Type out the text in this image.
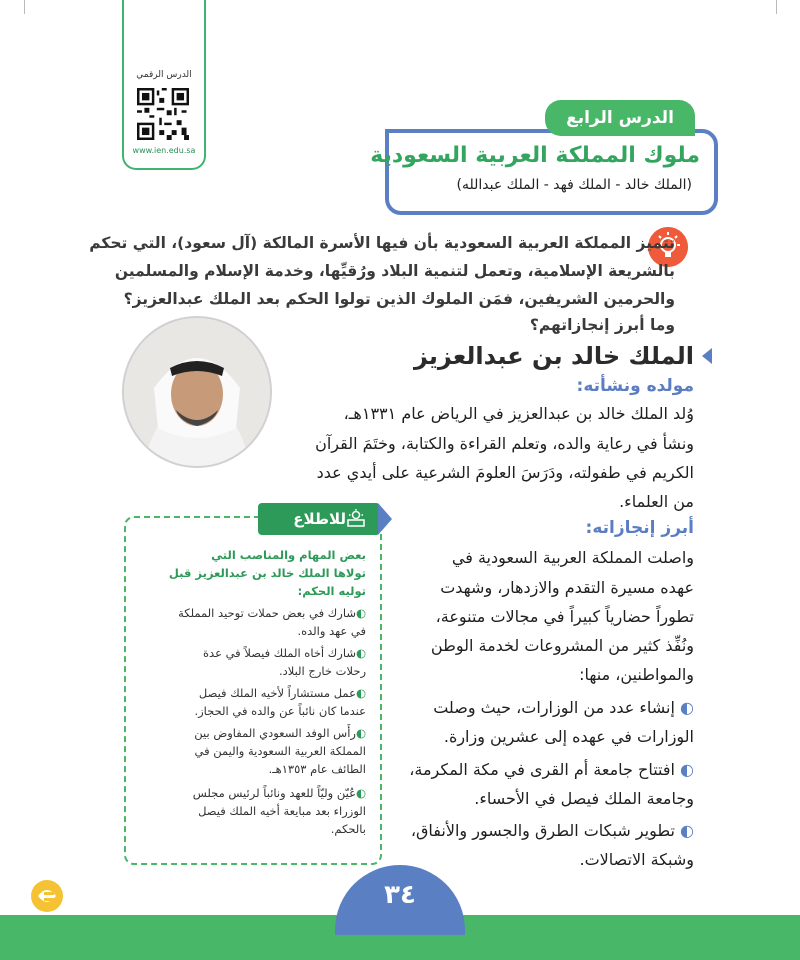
الدرس الرقمي
www.ien.edu.sa	ملوك المملكة العربية السعودية
(الملك خالد - الملك فهد - الملك عبدالله)
الدرس الرابع
تتميز المملكة العربية السعودية بأن فيها الأسرة المالكة (آل سعود)، التي تحكم
بالشريعة الإسلامية، وتعمل لتنمية البلاد ورُقيِّها، وخدمة الإسلام والمسلمين
والحرمين الشريفين، فمَن الملوك الذين تولوا الحكم بعد الملك عبدالعزيز؟
وما أبرز إنجازاتهم؟
الملك خالد بن عبدالعزيز
مولده ونشأته:
وُلد الملك خالد بن عبدالعزيز في الرياض عام ١٣٣١هـ،
ونشأ في رعاية والده، وتعلم القراءة والكتابة، وختَمَ القرآن
الكريم في طفولته، ودَرَسَ العلومَ الشرعية على أيدي عدد
من العلماء.
أبرز إنجازاته:
واصلت المملكة العربية السعودية في
عهده مسيرة التقدم والازدهار، وشهدت
تطوراً حضارياً كبيراً في مجالات متنوعة،
ونُفِّذ كثير من المشروعات لخدمة الوطن
والمواطنين، منها:
◐ إنشاء عدد من الوزارات، حيث وصلت
الوزارات في عهده إلى عشرين وزارة.
◐ افتتاح جامعة أم القرى في مكة المكرمة،
وجامعة الملك فيصل في الأحساء.
◐ تطوير شبكات الطرق والجسور والأنفاق،
وشبكة الاتصالات.
للاطلاع
بعض المهام والمناصب التي
تولاها الملك خالد بن عبدالعزيز قبل
توليه الحكم:
◐شارك في بعض حملات توحيد المملكة
في عهد والده.
◐شارك أخاه الملك فيصلاً في عدة
رحلات خارج البلاد.
◐عمل مستشاراً لأخيه الملك فيصل
عندما كان نائباً عن والده في الحجاز.
◐رأَس الوفد السعودي المفاوض بين
المملكة العربية السعودية واليمن في
الطائف عام ١٣٥٣هـ.
◐عُيّن وليّاً للعهد ونائباً لرئيس مجلس
الوزراء بعد مبايعة أخيه الملك فيصل
بالحكم.
٣٤
